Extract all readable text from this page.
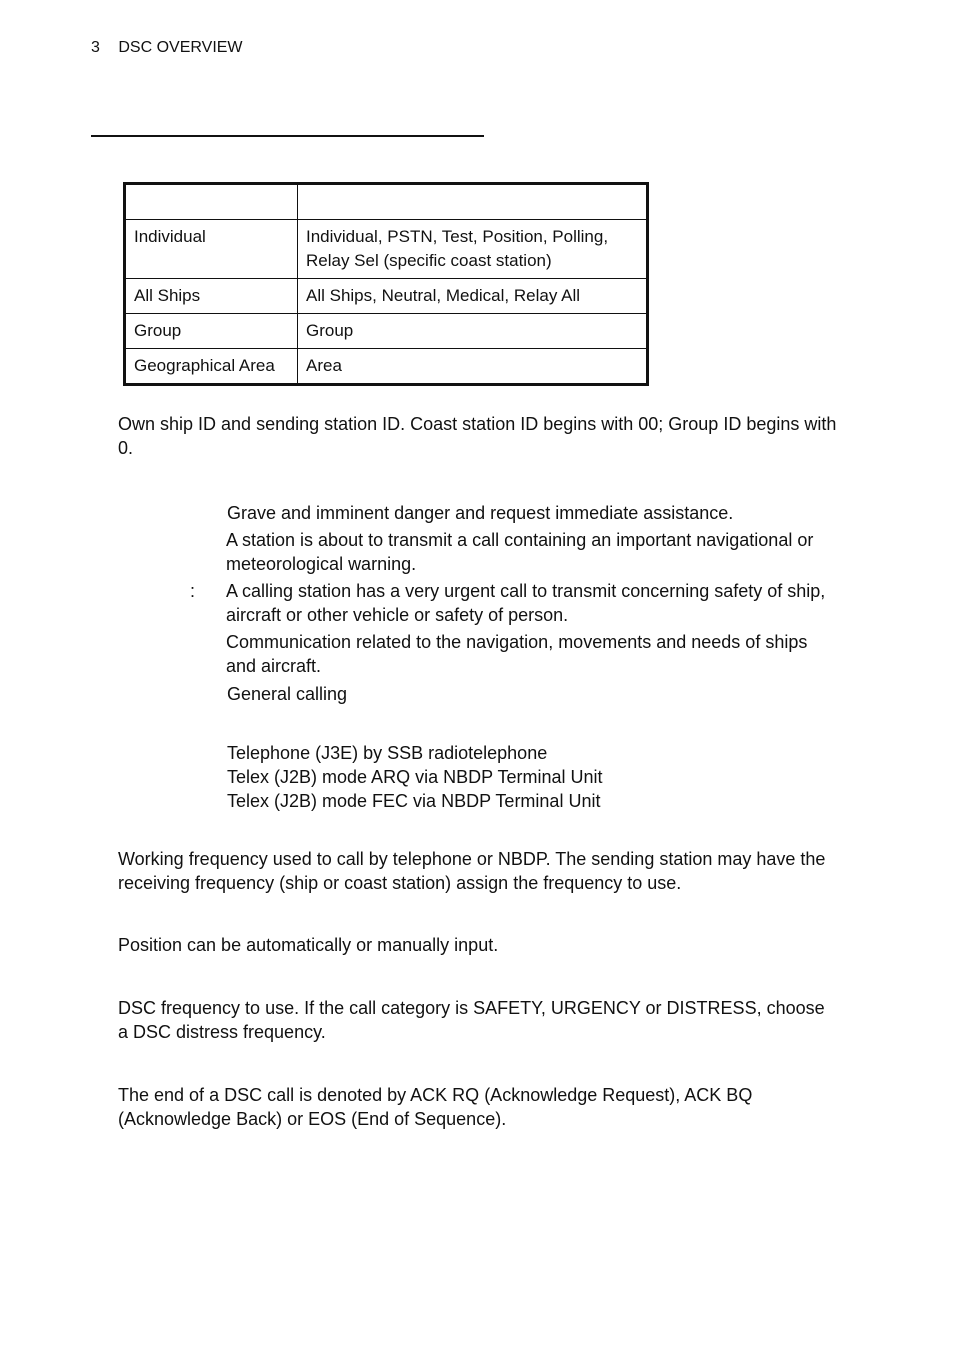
3 DSC OVERVIEW

Individual	Individual, PSTN, Test, Position, Polling, Relay Sel (specific coast station)
All Ships	All Ships, Neutral, Medical, Relay All
Group	Group
Geographical Area	Area
Own ship ID and sending station ID. Coast station ID begins with 00; Group ID begins with 0.
Grave and imminent danger and request immediate assistance.
A station is about to transmit a call containing an important navigational or meteorological warning.
: A calling station has a very urgent call to transmit concerning safety of ship, aircraft or other vehicle or safety of person.
Communication related to the navigation, movements and needs of ships and aircraft.
General calling
Telephone (J3E) by SSB radiotelephone
Telex (J2B) mode ARQ via NBDP Terminal Unit
Telex (J2B) mode FEC via NBDP Terminal Unit
Working frequency used to call by telephone or NBDP. The sending station may have the receiving frequency (ship or coast station) assign the frequency to use.
Position can be automatically or manually input.
DSC frequency to use. If the call category is SAFETY, URGENCY or DISTRESS, choose a DSC distress frequency.
The end of a DSC call is denoted by ACK RQ (Acknowledge Request), ACK BQ (Acknowledge Back) or EOS (End of Sequence).
